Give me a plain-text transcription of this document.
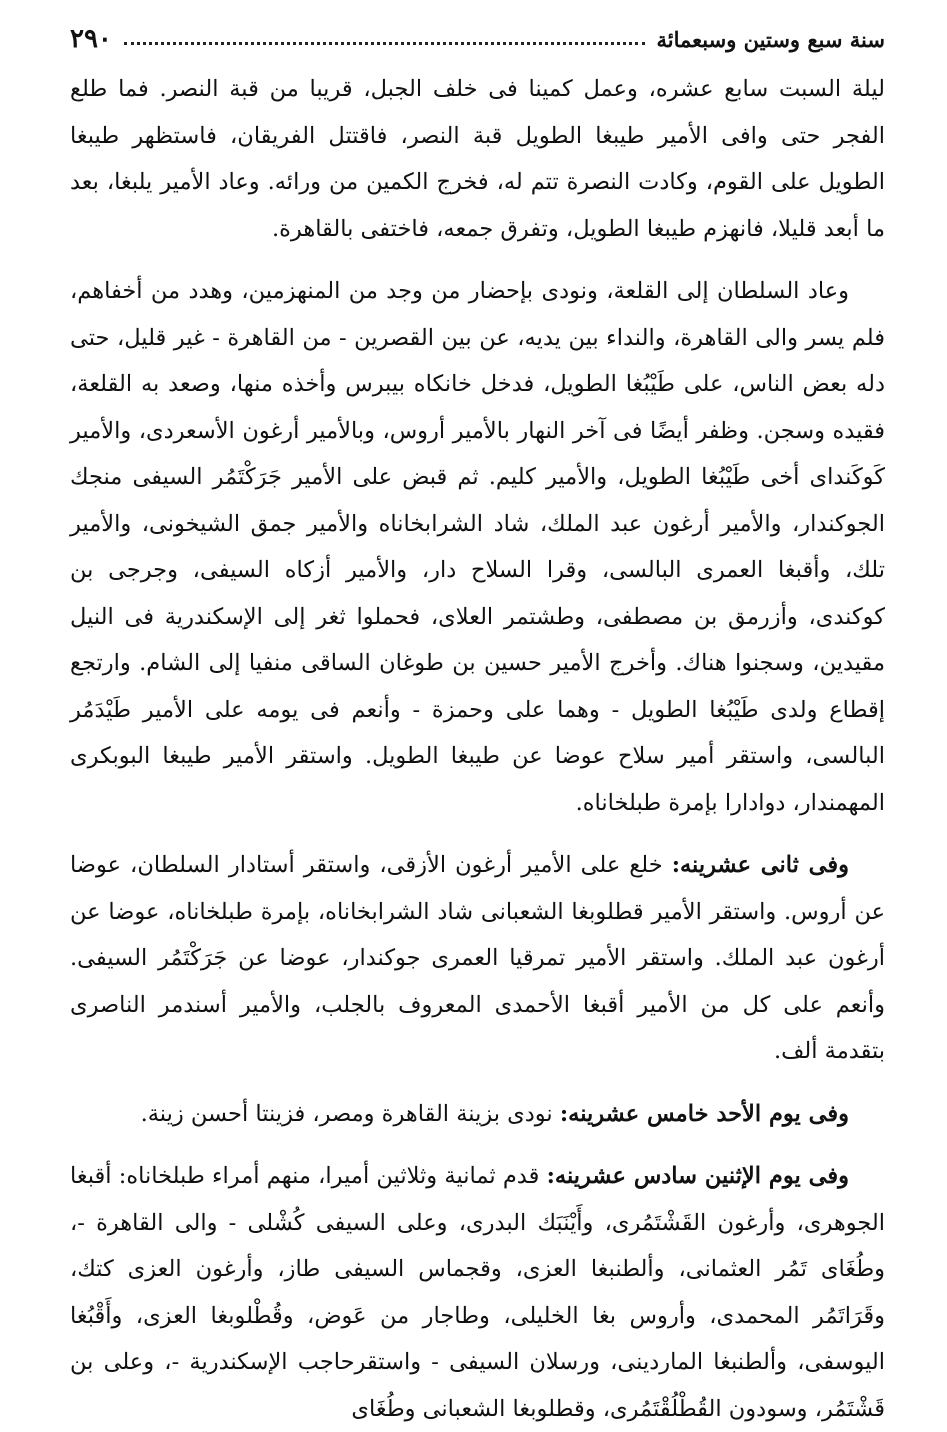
سنة سبع وستين وسبعمائة
٢٩٠

ليلة السبت سابع عشره، وعمل كمينا فى خلف الجبل، قريبا من قبة النصر. فما طلع الفجر حتى وافى الأمير طيبغا الطويل قبة النصر، فاقتتل الفريقان، فاستظهر طيبغا الطويل على القوم، وكادت النصرة تتم له، فخرج الكمين من ورائه. وعاد الأمير يلبغا، بعد ما أبعد قليلا، فانهزم طيبغا الطويل، وتفرق جمعه، فاختفى بالقاهرة.

وعاد السلطان إلى القلعة، ونودى بإحضار من وجد من المنهزمين، وهدد من أخفاهم، فلم يسر والى القاهرة، والنداء بين يديه، عن بين القصرين - من القاهرة - غير قليل، حتى دله بعض الناس، على طَيْبُغا الطويل، فدخل خانكاه بيبرس وأخذه منها، وصعد به القلعة، فقيده وسجن. وظفر أيضًا فى آخر النهار بالأمير أروس، وبالأمير أرغون الأسعردى، والأمير كَوكَندای أخى طَيْبُغا الطويل، والأمير كليم. ثم قبض على الأمير جَرَكْتَمُر السيفى منجك الجوكندار، والأمير أرغون عبد الملك، شاد الشرابخاناه والأمير جمق الشيخونى، والأمير تلك، وأقبغا العمرى البالسى، وقرا السلاح دار، والأمير أزكاه السيفى، وجرجى بن كوكندى، وأزرمق بن مصطفى، وطشتمر العلاى، فحملوا ثغر إلى الإسكندرية فى النيل مقيدين، وسجنوا هناك. وأخرج الأمير حسين بن طوغان الساقى منفيا إلى الشام. وارتجع إقطاع ولدى طَيْبُغا الطويل - وهما على وحمزة - وأنعم فى يومه على الأمير طَيْدَمُر البالسى، واستقر أمير سلاح عوضا عن طيبغا الطويل. واستقر الأمير طيبغا البوبكرى المهمندار، دوادارا بإمرة طبلخاناه.

وفى ثانى عشرينه: خلع على الأمير أرغون الأزقى، واستقر أستادار السلطان، عوضا عن أروس. واستقر الأمير قطلوبغا الشعبانى شاد الشرابخاناه، بإمرة طبلخاناه، عوضا عن أرغون عبد الملك. واستقر الأمير تمرقيا العمرى جوكندار، عوضا عن جَرَكْتَمُر السيفى. وأنعم على كل من الأمير أقبغا الأحمدى المعروف بالجلب، والأمير أسندمر الناصرى بتقدمة ألف.

وفى يوم الأحد خامس عشرينه: نودى بزينة القاهرة ومصر، فزينتا أحسن زينة.

وفى يوم الإثنين سادس عشرينه: قدم ثمانية وثلاثين أميرا، منهم أمراء طبلخاناه: أقبغا الجوهرى، وأرغون القَشْتَمُرى، وأَيْنَبَك البدرى، وعلى السيفى كُشْلى - والى القاهرة -، وطُغَاى تَمُر العثمانى، وألطنبغا العزى، وقجماس السيفى طاز، وأرغون العزى كتك، وقَرَاتَمُر المحمدى، وأروس بغا الخليلى، وطاجار من عَوض، وقُطْلوبغا العزى، وأَقْبُغا اليوسفى، وألطنبغا الماردينى، ورسلان السيفى - واستقرحاجب الإسكندرية -، وعلى بن قَشْتَمُر، وسودون القُطْلُقْتَمُرى، وقطلوبغا الشعبانى وطُغَاى
